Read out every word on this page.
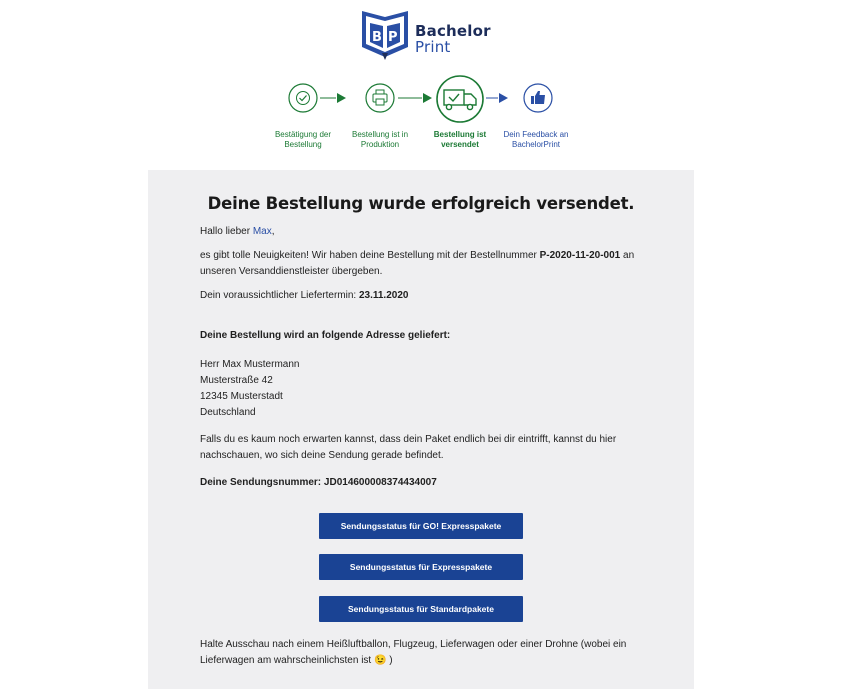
B P Bachelor
Print
Bestätigung der
Bestellung
Bestellung ist in
Produktion
Bestellung ist
versendet
Dein Feedback an
BachelorPrint
Deine Bestellung wurde erfolgreich versendet.
Hallo lieber Max,
es gibt tolle Neuigkeiten! Wir haben deine Bestellung mit der Bestellnummer P-2020-11-20-001 an unseren Versanddienstleister übergeben.
Dein voraussichtlicher Liefertermin: 23.11.2020
Deine Bestellung wird an folgende Adresse geliefert:
Herr Max Mustermann
Musterstraße 42
12345 Musterstadt
Deutschland
Falls du es kaum noch erwarten kannst, dass dein Paket endlich bei dir eintrifft, kannst du hier nachschauen, wo sich deine Sendung gerade befindet.
Deine Sendungsnummer: JD014600008374434007
Sendungsstatus für GO! Expresspakete
Sendungsstatus für Expresspakete
Sendungsstatus für Standardpakete
Halte Ausschau nach einem Heißluftballon, Flugzeug, Lieferwagen oder einer Drohne (wobei ein Lieferwagen am wahrscheinlichsten ist 😉 )
